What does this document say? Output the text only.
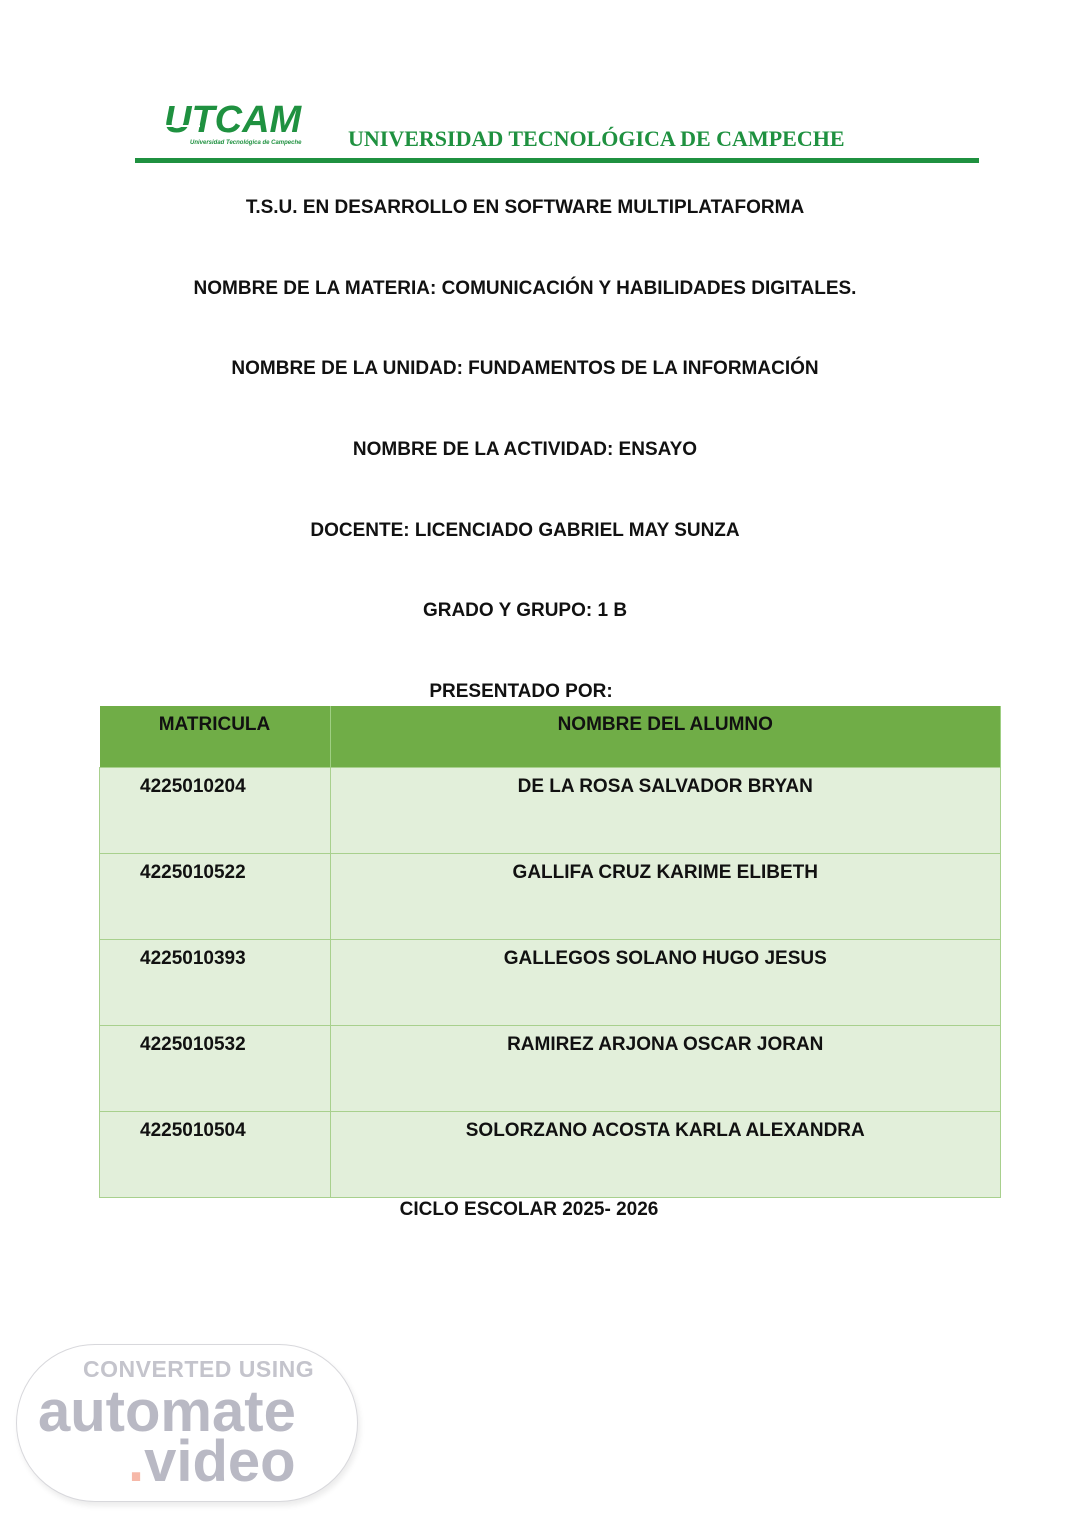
UTCAM
Universidad Tecnológica de Campeche UNIVERSIDAD TECNOLÓGICA DE CAMPECHE
T.S.U. EN DESARROLLO EN SOFTWARE MULTIPLATAFORMA
NOMBRE DE LA MATERIA: COMUNICACIÓN Y HABILIDADES DIGITALES.
NOMBRE DE LA UNIDAD: FUNDAMENTOS DE LA INFORMACIÓN
NOMBRE DE LA ACTIVIDAD: ENSAYO
DOCENTE: LICENCIADO GABRIEL MAY SUNZA
GRADO Y GRUPO: 1 B
PRESENTADO POR:
MATRICULA	NOMBRE DEL ALUMNO
4225010204	DE LA ROSA SALVADOR BRYAN
4225010522	GALLIFA CRUZ KARIME ELIBETH
4225010393	GALLEGOS SOLANO HUGO JESUS
4225010532	RAMIREZ ARJONA OSCAR JORAN
4225010504	SOLORZANO ACOSTA KARLA ALEXANDRA
CICLO ESCOLAR 2025- 2026
CONVERTED USING
automate
.video
